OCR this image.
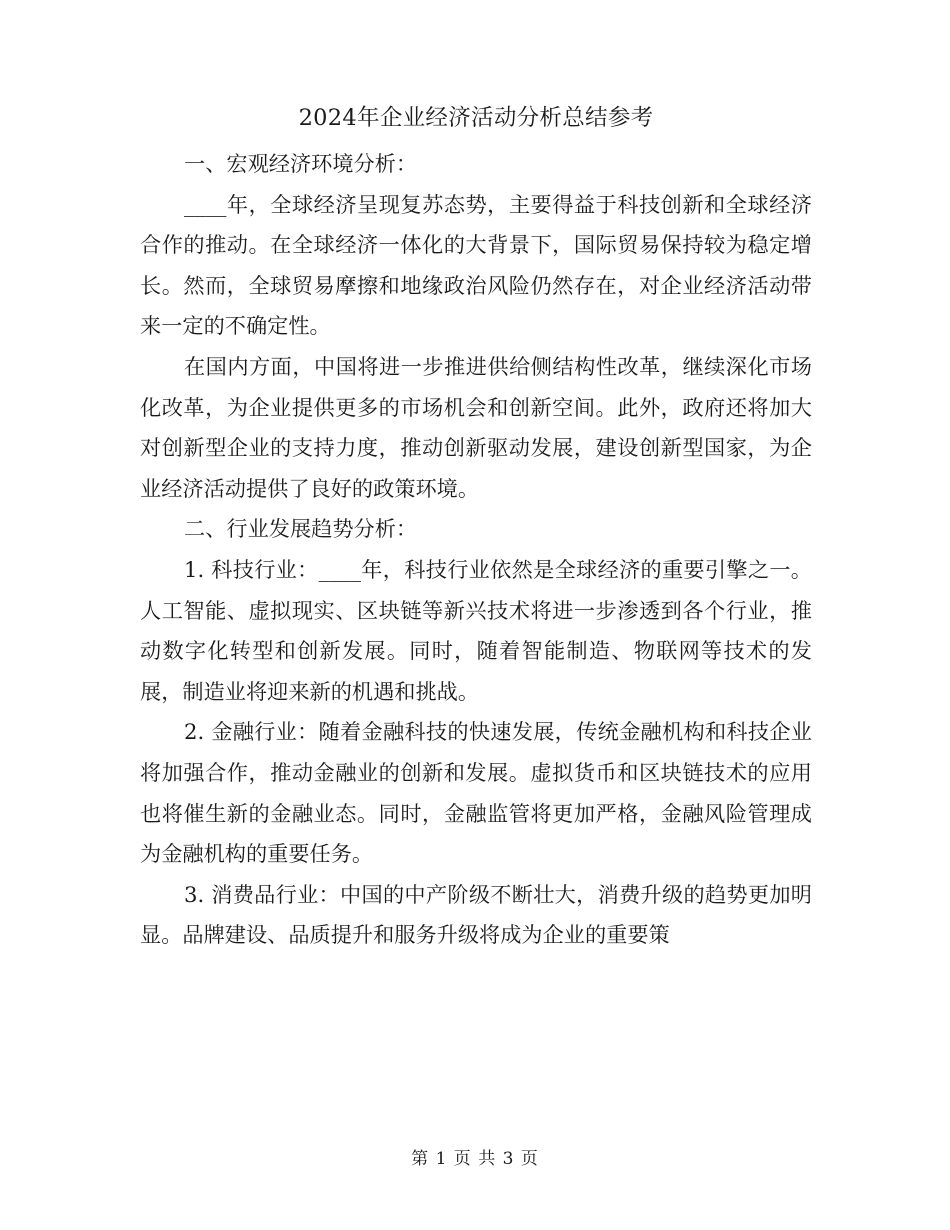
2024年企业经济活动分析总结参考

一、宏观经济环境分析：

____年，全球经济呈现复苏态势，主要得益于科技创新和全球经济合作的推动。在全球经济一体化的大背景下，国际贸易保持较为稳定增长。然而，全球贸易摩擦和地缘政治风险仍然存在，对企业经济活动带来一定的不确定性。

在国内方面，中国将进一步推进供给侧结构性改革，继续深化市场化改革，为企业提供更多的市场机会和创新空间。此外，政府还将加大对创新型企业的支持力度，推动创新驱动发展，建设创新型国家，为企业经济活动提供了良好的政策环境。

二、行业发展趋势分析：

1. 科技行业：____年，科技行业依然是全球经济的重要引擎之一。人工智能、虚拟现实、区块链等新兴技术将进一步渗透到各个行业，推动数字化转型和创新发展。同时，随着智能制造、物联网等技术的发展，制造业将迎来新的机遇和挑战。

2. 金融行业：随着金融科技的快速发展，传统金融机构和科技企业将加强合作，推动金融业的创新和发展。虚拟货币和区块链技术的应用也将催生新的金融业态。同时，金融监管将更加严格，金融风险管理成为金融机构的重要任务。

3. 消费品行业：中国的中产阶级不断壮大，消费升级的趋势更加明显。品牌建设、品质提升和服务升级将成为企业的重要策

第 1 页 共 3 页
